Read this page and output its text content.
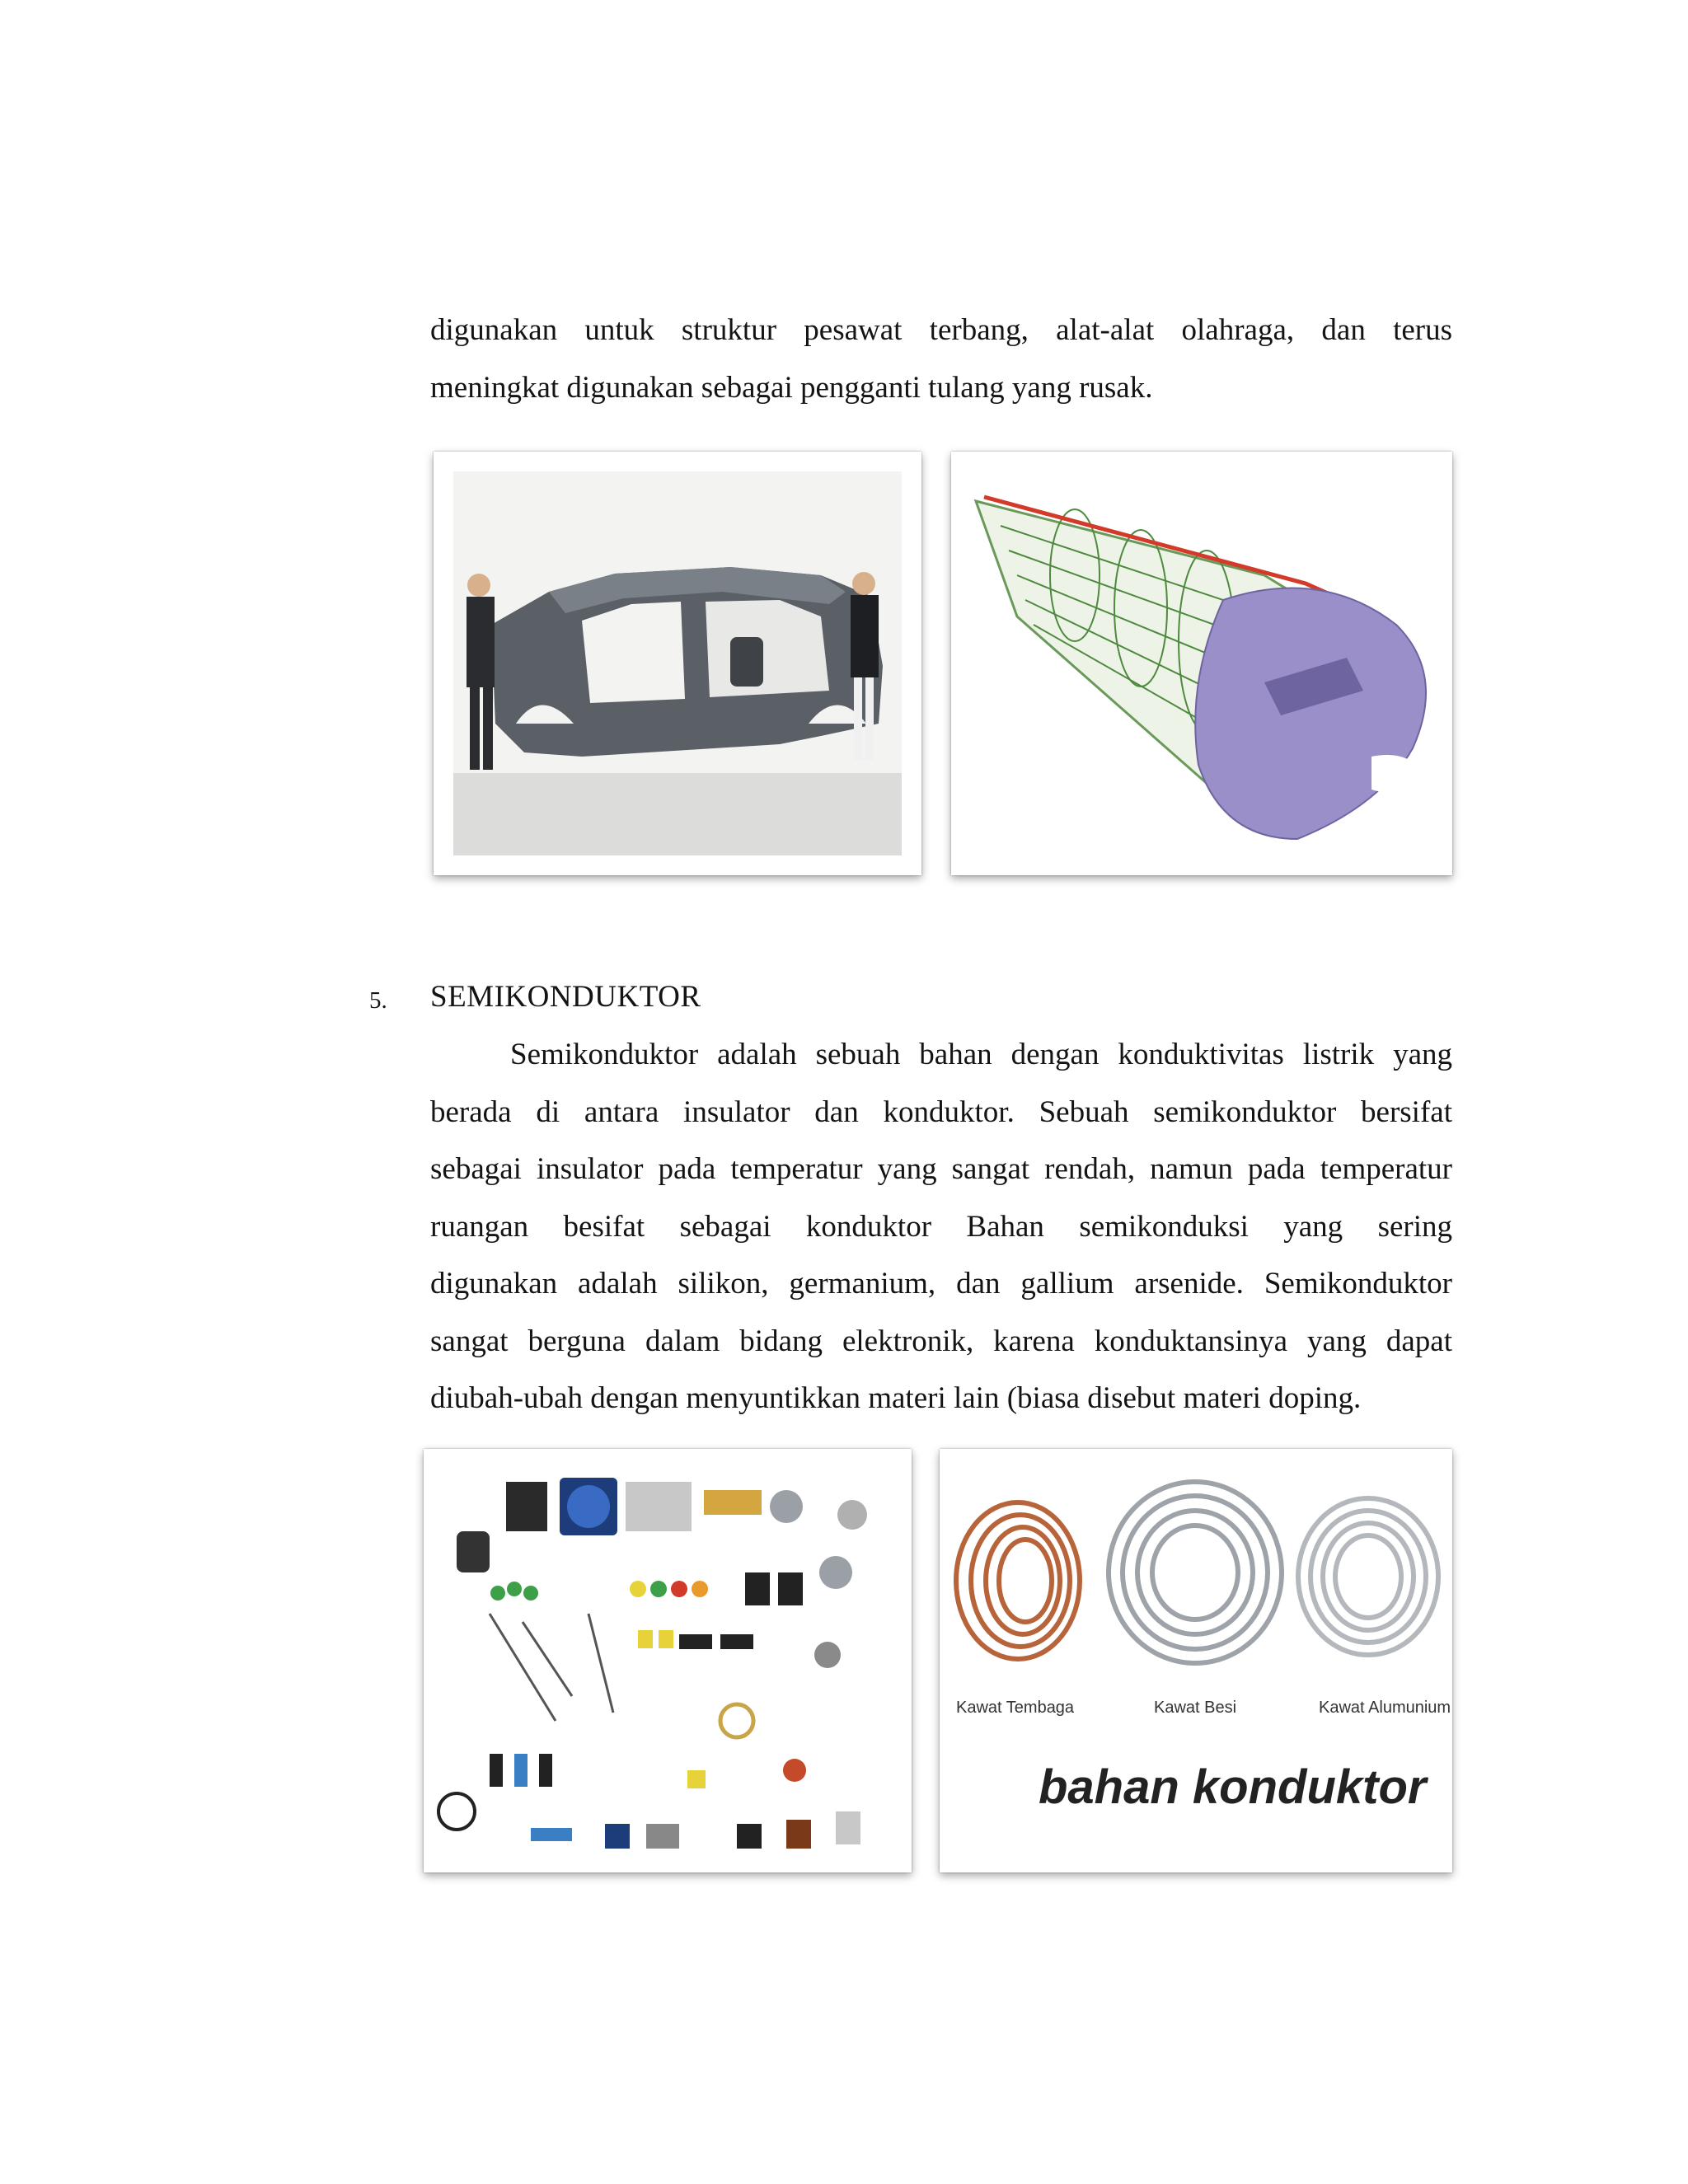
digunakan untuk struktur pesawat terbang, alat-alat olahraga, dan terus
meningkat digunakan sebagai pengganti tulang yang rusak.

5. SEMIKONDUKTOR

Semikonduktor adalah sebuah bahan dengan konduktivitas listrik yang
berada di antara insulator dan konduktor. Sebuah semikonduktor bersifat
sebagai insulator pada temperatur yang sangat rendah, namun pada temperatur
ruangan besifat sebagai konduktor Bahan semikonduksi yang sering
digunakan adalah silikon, germanium, dan gallium arsenide. Semikonduktor
sangat berguna dalam bidang elektronik, karena konduktansinya yang dapat
diubah-ubah dengan menyuntikkan materi lain (biasa disebut materi doping.

Kawat Tembaga	Kawat Besi	Kawat Alumunium
bahan konduktor
